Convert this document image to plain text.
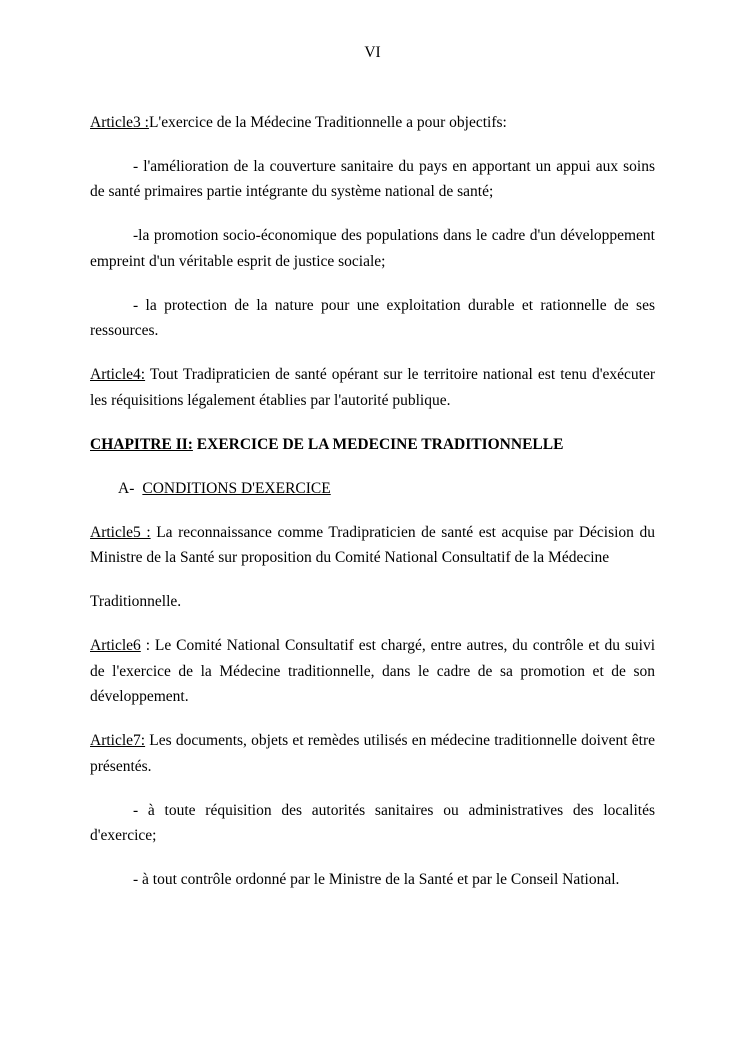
VI

Article3 :L'exercice de la Médecine Traditionnelle a pour objectifs:

- l'amélioration de la couverture sanitaire du pays en apportant un appui aux soins de santé primaires partie intégrante du système national de santé;

-la promotion socio-économique des populations dans le cadre d'un développement empreint d'un véritable esprit de justice sociale;

- la protection de la nature pour une exploitation durable et rationnelle de ses ressources.

Article4: Tout Tradipraticien de santé opérant sur le territoire national est tenu d'exécuter les réquisitions légalement établies par l'autorité publique.

CHAPITRE II: EXERCICE DE LA MEDECINE TRADITIONNELLE

A- CONDITIONS D'EXERCICE

Article5 : La reconnaissance comme Tradipraticien de santé est acquise par Décision du Ministre de la Santé sur proposition du Comité National Consultatif de la Médecine

Traditionnelle.

Article6 : Le Comité National Consultatif est chargé, entre autres, du contrôle et du suivi de l'exercice de la Médecine traditionnelle, dans le cadre de sa promotion et de son développement.

Article7: Les documents, objets et remèdes utilisés en médecine traditionnelle doivent être présentés.

- à toute réquisition des autorités sanitaires ou administratives des localités d'exercice;

- à tout contrôle ordonné par le Ministre de la Santé et par le Conseil National.
